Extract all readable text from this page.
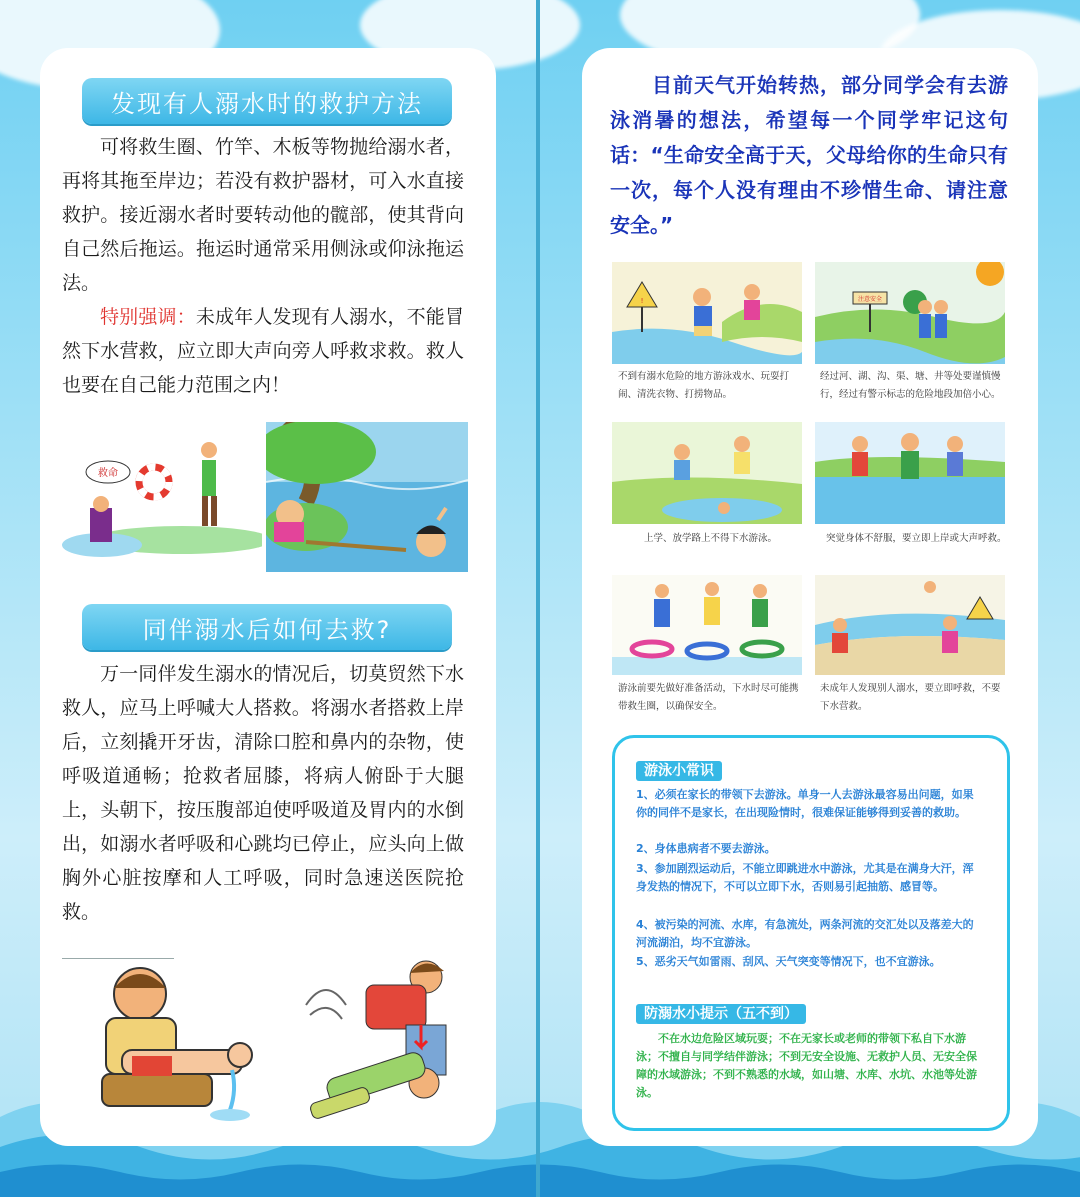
发现有人溺水时的救护方法
可将救生圈、竹竿、木板等物抛给溺水者，再将其拖至岸边；若没有救护器材，可入水直接救护。接近溺水者时要转动他的髋部，使其背向自己然后拖运。拖运时通常采用侧泳或仰泳拖运法。
特别强调：未成年人发现有人溺水，不能冒然下水营救，应立即大声向旁人呼救求救。救人也要在自己能力范围之内！
救命
同伴溺水后如何去救?
万一同伴发生溺水的情况后，切莫贸然下水救人，应马上呼喊大人搭救。将溺水者搭救上岸后，立刻撬开牙齿，清除口腔和鼻内的杂物，使呼吸道通畅；抢救者屈膝，将病人俯卧于大腿上，头朝下，按压腹部迫使呼吸道及胃内的水倒出，如溺水者呼吸和心跳均已停止，应头向上做胸外心脏按摩和人工呼吸，同时急速送医院抢救。
目前天气开始转热，部分同学会有去游泳消暑的想法，希望每一个同学牢记这句话：“生命安全高于天，父母给你的生命只有一次，每个人没有理由不珍惜生命、请注意安全。”
!
不到有溺水危险的地方游泳戏水、玩耍打闹、清洗衣物、打捞物品。
注意安全
经过河、湖、沟、渠、塘、井等处要谨慎慢行，经过有警示标志的危险地段加倍小心。
上学、放学路上不得下水游泳。	突觉身体不舒服，要立即上岸或大声呼救。
游泳前要先做好准备活动，下水时尽可能携带救生圈，以确保安全。
未成年人发现别人溺水，要立即呼救，不要下水营救。
游泳小常识
1、必须在家长的带领下去游泳。单身一人去游泳最容易出问题，如果你的同伴不是家长，在出现险情时，很难保证能够得到妥善的救助。
2、身体患病者不要去游泳。
3、参加剧烈运动后，不能立即跳进水中游泳，尤其是在满身大汗，浑身发热的情况下，不可以立即下水，否则易引起抽筋、感冒等。
4、被污染的河流、水库，有急流处，两条河流的交汇处以及落差大的河流湖泊，均不宜游泳。
5、恶劣天气如雷雨、刮风、天气突变等情况下，也不宜游泳。
防溺水小提示（五不到）
不在水边危险区域玩耍；不在无家长或老师的带领下私自下水游泳；不擅自与同学结伴游泳；不到无安全设施、无救护人员、无安全保障的水域游泳；不到不熟悉的水域，如山塘、水库、水坑、水池等处游泳。
